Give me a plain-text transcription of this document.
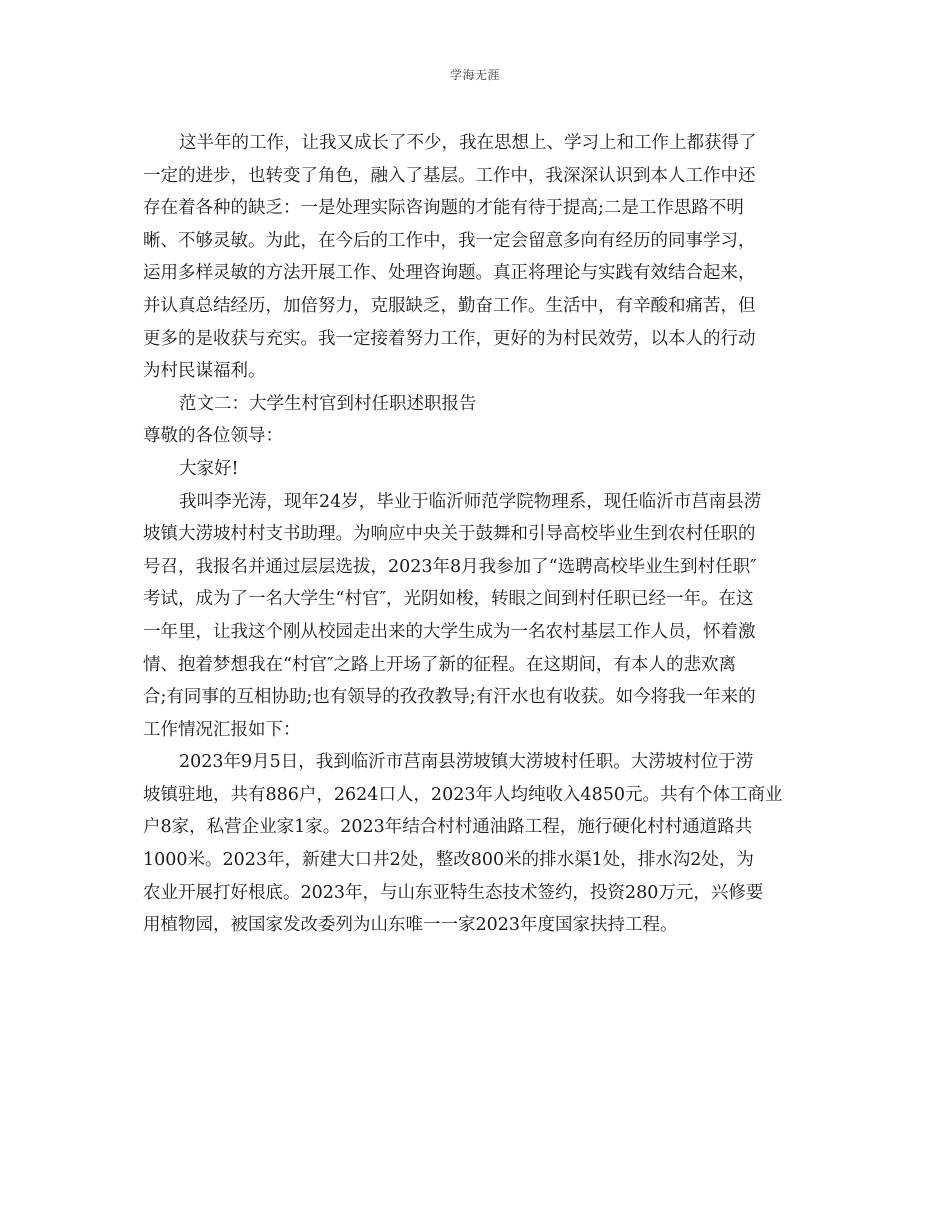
学海无涯

这半年的工作，让我又成长了不少，我在思想上、学习上和工作上都获得了

一定的进步，也转变了角色，融入了基层。工作中，我深深认识到本人工作中还

存在着各种的缺乏：一是处理实际咨询题的才能有待于提高;二是工作思路不明

晰、不够灵敏。为此，在今后的工作中，我一定会留意多向有经历的同事学习，

运用多样灵敏的方法开展工作、处理咨询题。真正将理论与实践有效结合起来，

并认真总结经历，加倍努力，克服缺乏，勤奋工作。生活中，有辛酸和痛苦，但

更多的是收获与充实。我一定接着努力工作，更好的为村民效劳，以本人的行动

为村民谋福利。

范文二：大学生村官到村任职述职报告

尊敬的各位领导：

大家好!

我叫李光涛，现年24岁，毕业于临沂师范学院物理系，现任临沂市莒南县涝

坡镇大涝坡村村支书助理。为响应中央关于鼓舞和引导高校毕业生到农村任职的

号召，我报名并通过层层选拔，2023年8月我参加了“选聘高校毕业生到村任职″

考试，成为了一名大学生“村官″，光阴如梭，转眼之间到村任职已经一年。在这

一年里，让我这个刚从校园走出来的大学生成为一名农村基层工作人员，怀着激

情、抱着梦想我在“村官″之路上开场了新的征程。在这期间，有本人的悲欢离

合;有同事的互相协助;也有领导的孜孜教导;有汗水也有收获。如今将我一年来的

工作情况汇报如下：

2023年9月5日，我到临沂市莒南县涝坡镇大涝坡村任职。大涝坡村位于涝

坡镇驻地，共有886户，2624口人，2023年人均纯收入4850元。共有个体工商业

户8家，私营企业家1家。2023年结合村村通油路工程，施行硬化村村通道路共

1000米。2023年，新建大口井2处，整改800米的排水渠1处，排水沟2处，为

农业开展打好根底。2023年，与山东亚特生态技术签约，投资280万元，兴修要

用植物园，被国家发改委列为山东唯一一家2023年度国家扶持工程。
